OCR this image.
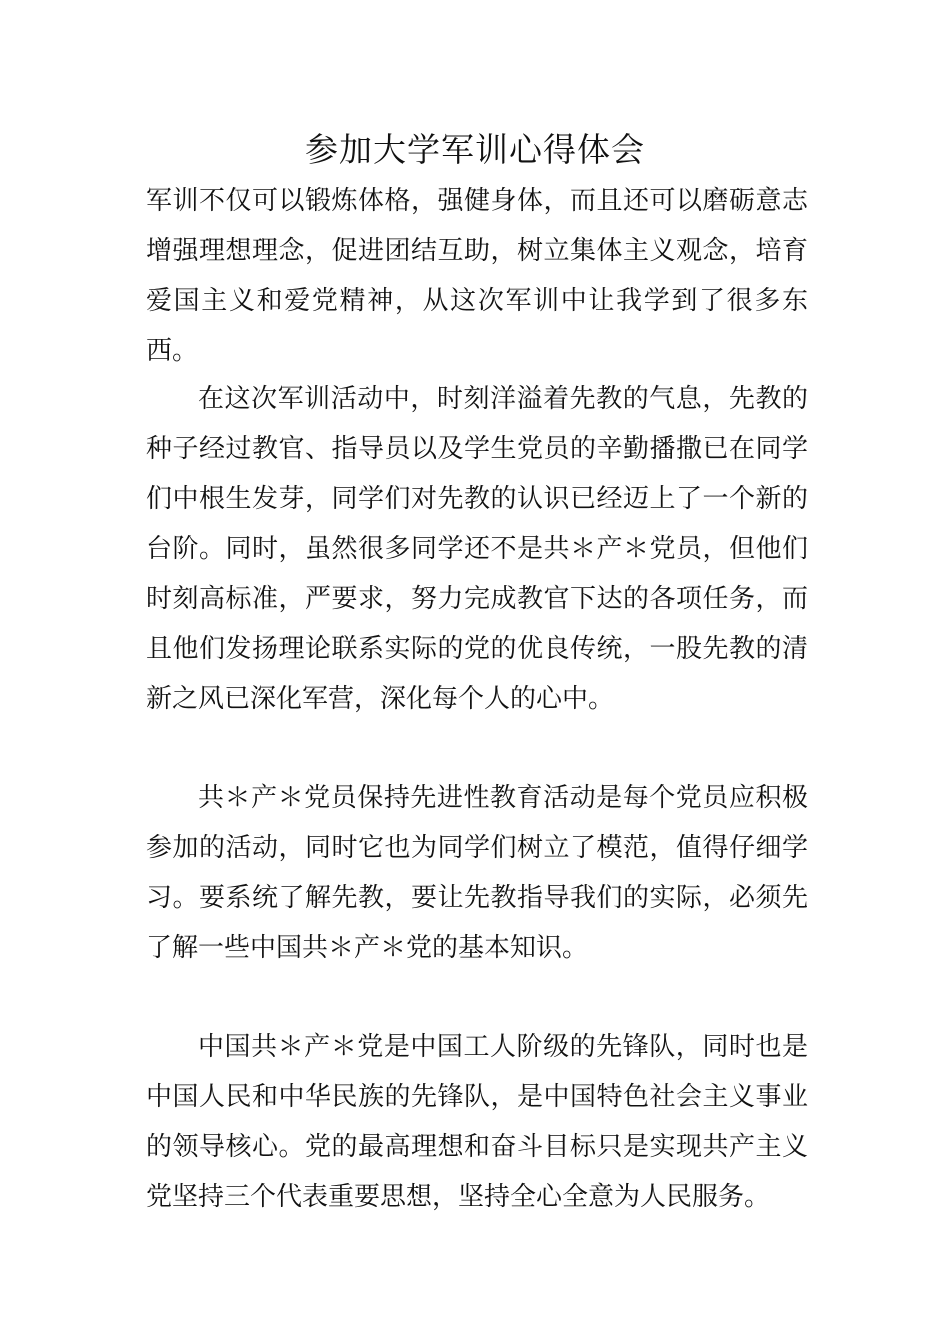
参加大学军训心得体会

军训不仅可以锻炼体格，强健身体，而且还可以磨砺意志增强理想理念，促进团结互助，树立集体主义观念，培育爱国主义和爱党精神，从这次军训中让我学到了很多东西。

在这次军训活动中，时刻洋溢着先教的气息，先教的种子经过教官、指导员以及学生党员的辛勤播撒已在同学们中根生发芽，同学们对先教的认识已经迈上了一个新的台阶。同时，虽然很多同学还不是共＊产＊党员，但他们时刻高标准，严要求，努力完成教官下达的各项任务，而且他们发扬理论联系实际的党的优良传统，一股先教的清新之风已深化军营，深化每个人的心中。

共＊产＊党员保持先进性教育活动是每个党员应积极参加的活动，同时它也为同学们树立了模范，值得仔细学习。要系统了解先教，要让先教指导我们的实际，必须先了解一些中国共＊产＊党的基本知识。

中国共＊产＊党是中国工人阶级的先锋队，同时也是中国人民和中华民族的先锋队，是中国特色社会主义事业的领导核心。党的最高理想和奋斗目标只是实现共产主义党坚持三个代表重要思想，坚持全心全意为人民服务。
